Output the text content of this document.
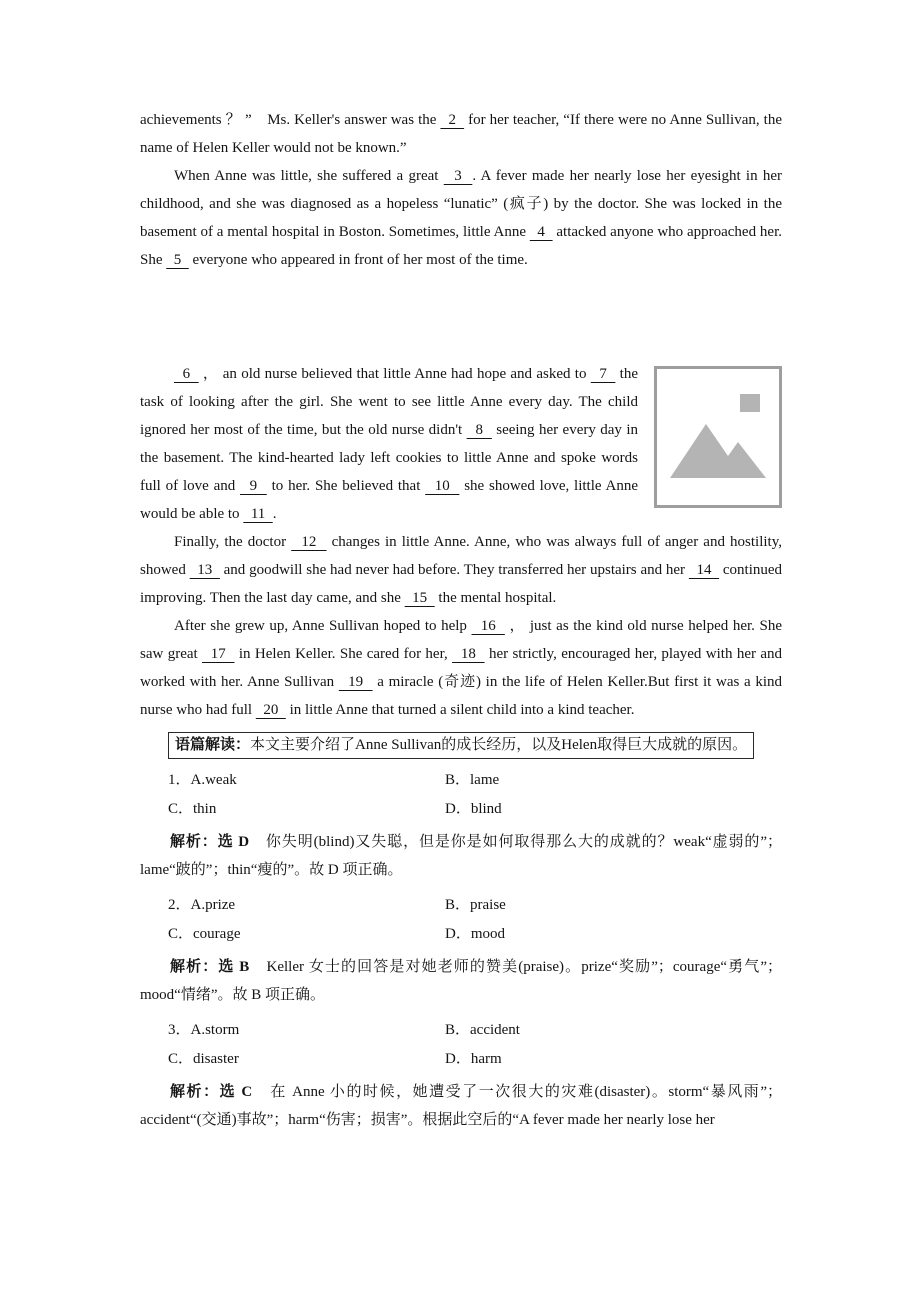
achievements ？ ”　Ms. Keller's answer was the   2   for her teacher, “If there were no Anne Sullivan, the name of Helen Keller would not be known.”

When Anne was little, she suffered a great   3  . A fever made her nearly lose her eyesight in her childhood, and she was diagnosed as a hopeless “lunatic” (疯子) by the doctor. She was locked in the basement of a mental hospital in Boston. Sometimes, little Anne   4   attacked anyone who approached her. She   5   everyone who appeared in front of her most of the time.

6   ， an old nurse believed that little Anne had hope and asked to   7   the task of looking after the girl. She went to see little Anne every day. The child ignored her most of the time, but the old nurse didn't   8   seeing her every day in the basement. The kind-hearted lady left cookies to little Anne and spoke words full of love and   9   to her. She believed that   10   she showed love, little Anne would be able to   11  .

Finally, the doctor   12   changes in little Anne. Anne, who was always full of anger and hostility, showed   13   and goodwill she had never had before. They transferred her upstairs and her   14   continued improving. Then the last day came, and she   15   the mental hospital.

After she grew up, Anne Sullivan hoped to help   16   ， just as the kind old nurse helped her. She saw great   17   in Helen Keller. She cared for her,   18   her strictly, encouraged her, played with her and worked with her. Anne Sullivan   19   a miracle (奇迹) in the life of Helen Keller.But first it was a kind nurse who had full   20   in little Anne that turned a silent child into a kind teacher.

语篇解读：本文主要介绍了Anne Sullivan的成长经历，以及Helen取得巨大成就的原因。
1．A.weak	B．lame
C．thin	D．blind

解析：选 D　你失明(blind)又失聪，但是你是如何取得那么大的成就的？weak“虚弱的”；lame“跛的”；thin“瘦的”。故 D 项正确。

2．A.prize	B．praise
C．courage	D．mood

解析：选 B　Keller 女士的回答是对她老师的赞美(praise)。prize“奖励”；courage“勇气”；mood“情绪”。故 B 项正确。

3．A.storm	B．accident
C．disaster	D．harm

解析：选 C　在 Anne 小的时候，她遭受了一次很大的灾难(disaster)。storm“暴风雨”；accident“(交通)事故”；harm“伤害；损害”。根据此空后的“A fever made her nearly lose her
